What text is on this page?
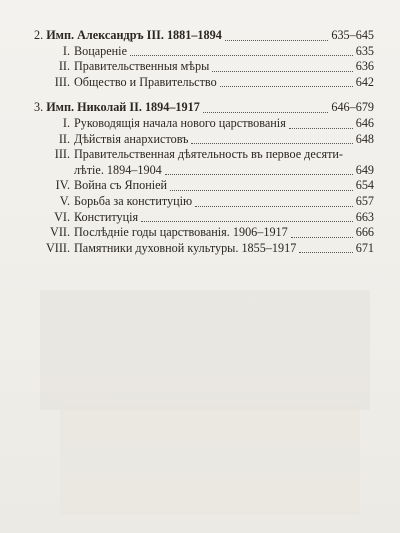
2. Имп. Александръ III. 1881–1894	635–645
I. Воцареніе	635
II. Правительственныя мѣры	636
III. Общество и Правительство	642
3. Имп. Николай II. 1894–1917	646–679
I. Руководящія начала нового царствованія	646
II. Дѣйствія анархистовъ	648
III. Правительственная дѣятельность въ первое десяти-
лѣтіе. 1894–1904	649
IV. Война съ Японіей	654
V. Борьба за конституцію	657
VI. Конституція	663
VII. Послѣдніе годы царствованія. 1906–1917	666
VIII. Памятники духовной культуры. 1855–1917	671
